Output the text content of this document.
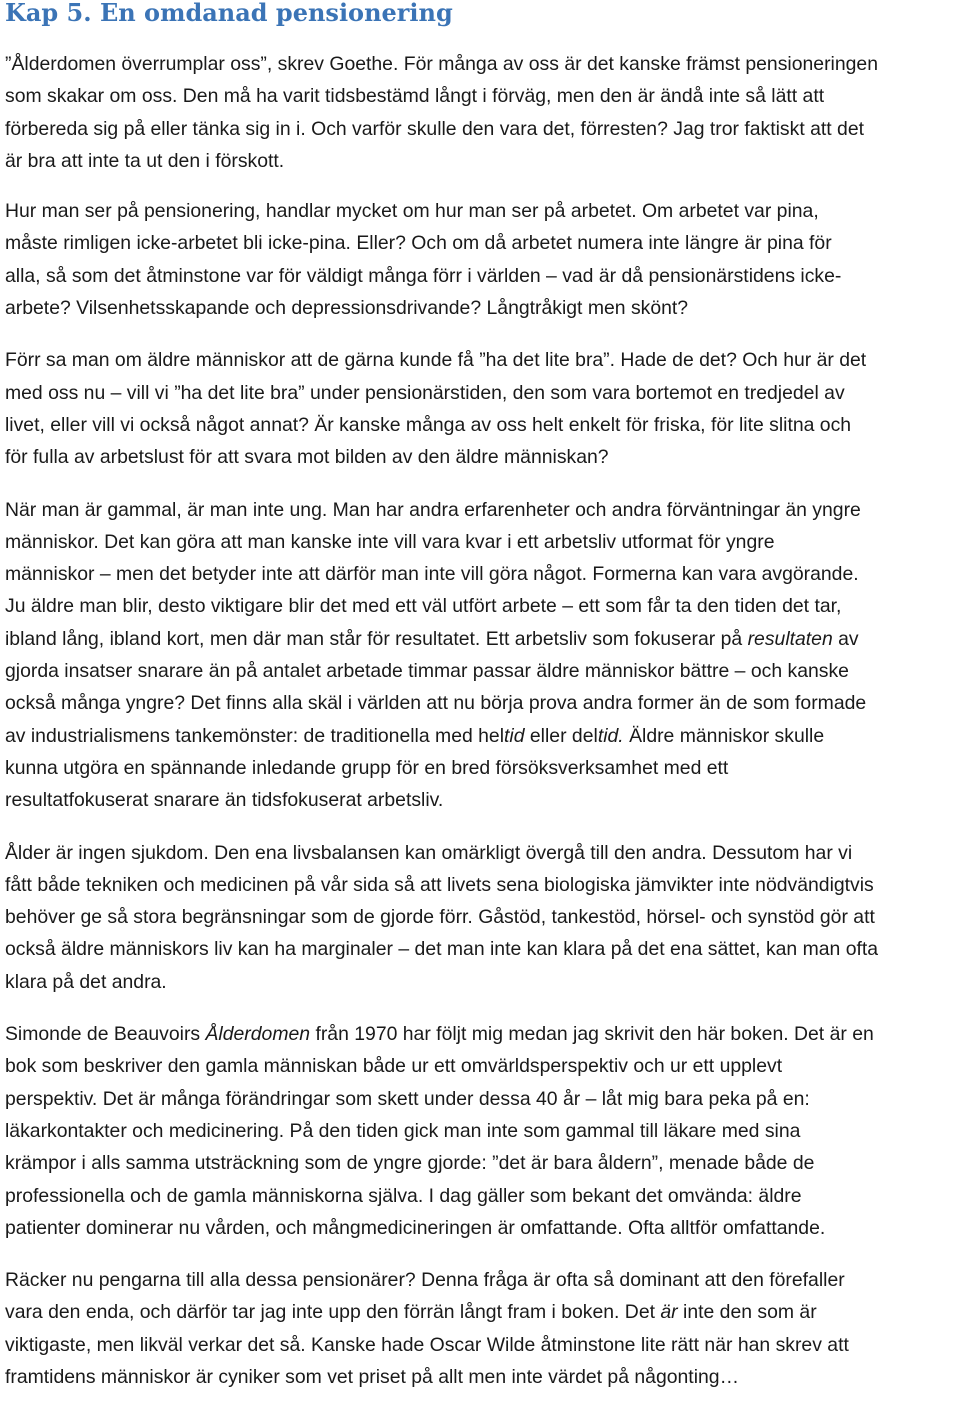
Kap 5. En omdanad pensionering

”Ålderdomen överrumplar oss”, skrev Goethe. För många av oss är det kanske främst pensioneringen
som skakar om oss. Den må ha varit tidsbestämd långt i förväg, men den är ändå inte så lätt att
förbereda sig på eller tänka sig in i. Och varför skulle den vara det, förresten? Jag tror faktiskt att det
är bra att inte ta ut den i förskott.

Hur man ser på pensionering, handlar mycket om hur man ser på arbetet. Om arbetet var pina,
måste rimligen icke-arbetet bli icke-pina. Eller? Och om då arbetet numera inte längre är pina för
alla, så som det åtminstone var för väldigt många förr i världen – vad är då pensionärstidens icke-
arbete? Vilsenhetsskapande och depressionsdrivande? Långtråkigt men skönt?

Förr sa man om äldre människor att de gärna kunde få ”ha det lite bra”. Hade de det? Och hur är det
med oss nu – vill vi ”ha det lite bra” under pensionärstiden, den som vara bortemot en tredjedel av
livet, eller vill vi också något annat? Är kanske många av oss helt enkelt för friska, för lite slitna och
för fulla av arbetslust för att svara mot bilden av den äldre människan?

När man är gammal, är man inte ung. Man har andra erfarenheter och andra förväntningar än yngre
människor. Det kan göra att man kanske inte vill vara kvar i ett arbetsliv utformat för yngre
människor – men det betyder inte att därför man inte vill göra något. Formerna kan vara avgörande.
Ju äldre man blir, desto viktigare blir det med ett väl utfört arbete – ett som får ta den tiden det tar,
ibland lång, ibland kort, men där man står för resultatet. Ett arbetsliv som fokuserar på resultaten av
gjorda insatser snarare än på antalet arbetade timmar passar äldre människor bättre – och kanske
också många yngre? Det finns alla skäl i världen att nu börja prova andra former än de som formade
av industrialismens tankemönster: de traditionella med heltid eller deltid. Äldre människor skulle
kunna utgöra en spännande inledande grupp för en bred försöksverksamhet med ett
resultatfokuserat snarare än tidsfokuserat arbetsliv.

Ålder är ingen sjukdom. Den ena livsbalansen kan omärkligt övergå till den andra. Dessutom har vi
fått både tekniken och medicinen på vår sida så att livets sena biologiska jämvikter inte nödvändigtvis
behöver ge så stora begränsningar som de gjorde förr. Gåstöd, tankestöd, hörsel- och synstöd gör att
också äldre människors liv kan ha marginaler – det man inte kan klara på det ena sättet, kan man ofta
klara på det andra.

Simonde de Beauvoirs Ålderdomen från 1970 har följt mig medan jag skrivit den här boken. Det är en
bok som beskriver den gamla människan både ur ett omvärldsperspektiv och ur ett upplevt
perspektiv. Det är många förändringar som skett under dessa 40 år – låt mig bara peka på en:
läkarkontakter och medicinering. På den tiden gick man inte som gammal till läkare med sina
krämpor i alls samma utsträckning som de yngre gjorde: ”det är bara åldern”, menade både de
professionella och de gamla människorna själva. I dag gäller som bekant det omvända: äldre
patienter dominerar nu vården, och mångmedicineringen är omfattande. Ofta alltför omfattande.

Räcker nu pengarna till alla dessa pensionärer? Denna fråga är ofta så dominant att den förefaller
vara den enda, och därför tar jag inte upp den förrän långt fram i boken. Det är inte den som är
viktigaste, men likväl verkar det så. Kanske hade Oscar Wilde åtminstone lite rätt när han skrev att
framtidens människor är cyniker som vet priset på allt men inte värdet på någonting…
